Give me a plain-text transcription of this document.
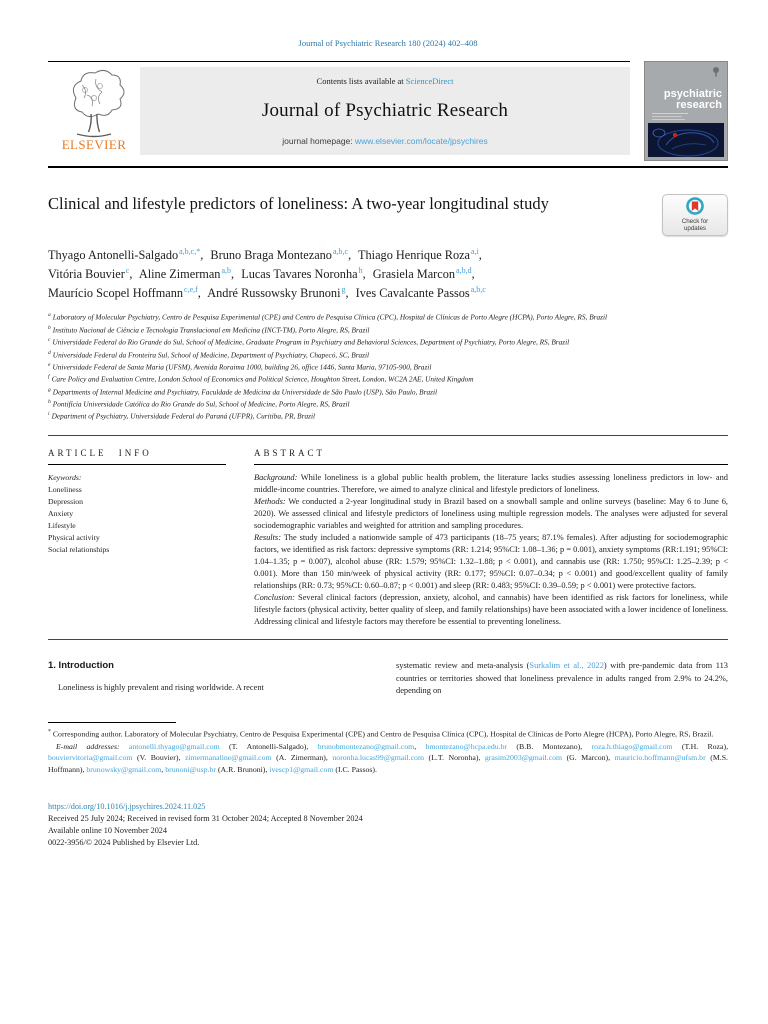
Journal of Psychiatric Research 180 (2024) 402–408
ELSEVIER
Contents lists available at ScienceDirect
Journal of Psychiatric Research
journal homepage: www.elsevier.com/locate/jpsychires
psychiatric
research
Clinical and lifestyle predictors of loneliness: A two-year longitudinal study
Check for
updates
Thyago Antonelli-Salgado$^{a,b,c,*}$, Bruno Braga Montezano$^{a,b,c}$, Thiago Henrique Roza$^{a,i}$,
Vitória Bouvier$^c$, Aline Zimerman$^{a,b}$, Lucas Tavares Noronha$^h$, Grasiela Marcon$^{a,b,d}$,
Maurício Scopel Hoffmann$^{c,e,f}$, André Russowsky Brunoni$^g$, Ives Cavalcante Passos$^{a,b,c}$
$^a$ Laboratory of Molecular Psychiatry, Centro de Pesquisa Experimental (CPE) and Centro de Pesquisa Clínica (CPC), Hospital de Clínicas de Porto Alegre (HCPA), Porto Alegre, RS, Brazil
$^b$ Instituto Nacional de Ciência e Tecnologia Translacional em Medicina (INCT-TM), Porto Alegre, RS, Brazil
$^c$ Universidade Federal do Rio Grande do Sul, School of Medicine, Graduate Program in Psychiatry and Behavioral Sciences, Department of Psychiatry, Porto Alegre, RS, Brazil
$^d$ Universidade Federal da Fronteira Sul, School of Medicine, Department of Psychiatry, Chapecó, SC, Brazil
$^e$ Universidade Federal de Santa Maria (UFSM), Avenida Roraima 1000, building 26, office 1446, Santa Maria, 97105-900, Brazil
$^f$ Care Policy and Evaluation Centre, London School of Economics and Political Science, Houghton Street, London, WC2A 2AE, United Kingdom
$^g$ Departments of Internal Medicine and Psychiatry, Faculdade de Medicina da Universidade de São Paulo (USP), São Paulo, Brazil
$^h$ Pontifícia Universidade Católica do Rio Grande do Sul, School of Medicine, Porto Alegre, RS, Brazil
$^i$ Department of Psychiatry, Universidade Federal do Paraná (UFPR), Curitiba, PR, Brazil
ARTICLE INFO
Keywords:
Loneliness
Depression
Anxiety
Lifestyle
Physical activity
Social relationships
ABSTRACT

Background: While loneliness is a global public health problem, the literature lacks studies assessing loneliness predictors in low- and middle-income countries. Therefore, we aimed to analyze clinical and lifestyle predictors of loneliness.

Methods: We conducted a 2-year longitudinal study in Brazil based on a snowball sample and online surveys (baseline: May 6 to June 6, 2020). We assessed clinical and lifestyle predictors of loneliness using multiple regression models. The analyses were adjusted for several sociodemographic variables and weighted for attrition and sampling procedures.

Results: The study included a nationwide sample of 473 participants (18–75 years; 87.1% females). After adjusting for sociodemographic factors, we identified as risk factors: depressive symptoms (RR: 1.214; 95%CI: 1.08–1.36; p = 0.001), anxiety symptoms (RR:1.191; 95%CI: 1.04–1.35; p = 0.007), alcohol abuse (RR: 1.579; 95%CI: 1.32–1.88; p < 0.001), and cannabis use (RR: 1.750; 95%CI: 1.25–2.39; p < 0.001). More than 150 min/week of physical activity (RR: 0.177; 95%CI: 0.07–0.34; p < 0.001) and good/excellent quality of family relationships (RR: 0.73; 95%CI: 0.60–0.87; p < 0.001) and sleep (RR: 0.483; 95%CI: 0.39–0.59; p < 0.001) were protective factors.

Conclusion: Several clinical factors (depression, anxiety, alcohol, and cannabis) have been identified as risk factors for loneliness, while lifestyle factors (physical activity, better quality of sleep, and family relationships) have been associated with a lower incidence of loneliness. Addressing clinical and lifestyle factors may therefore be essential to preventing loneliness.

1. Introduction

Loneliness is highly prevalent and rising worldwide. A recent

systematic review and meta-analysis (Surkalim et al., 2022) with pre-pandemic data from 113 countries or territories showed that loneliness prevalence in adults ranged from 2.9% to 24.2%, depending on

* Corresponding author. Laboratory of Molecular Psychiatry, Centro de Pesquisa Experimental (CPE) and Centro de Pesquisa Clínica (CPC), Hospital de Clínicas de Porto Alegre (HCPA), Porto Alegre, RS, Brazil.
E-mail addresses: antonelli.thyago@gmail.com (T. Antonelli-Salgado), brunobmontezano@gmail.com, bmontezano@hcpa.edu.br (B.B. Montezano), roza.h.thiago@gmail.com (T.H. Roza), bouviervitoria@gmail.com (V. Bouvier), zimermanaline@gmail.com (A. Zimerman), noronha.lucas99@gmail.com (L.T. Noronha), grasim2003@gmail.com (G. Marcon), mauricio.hoffmann@ufsm.br (M.S. Hoffmann), brunowsky@gmail.com, brunoni@usp.br (A.R. Brunoni), ivescp1@gmail.com (I.C. Passos).
https://doi.org/10.1016/j.jpsychires.2024.11.025
Received 25 July 2024; Received in revised form 31 October 2024; Accepted 8 November 2024
Available online 10 November 2024
0022-3956/© 2024 Published by Elsevier Ltd.
